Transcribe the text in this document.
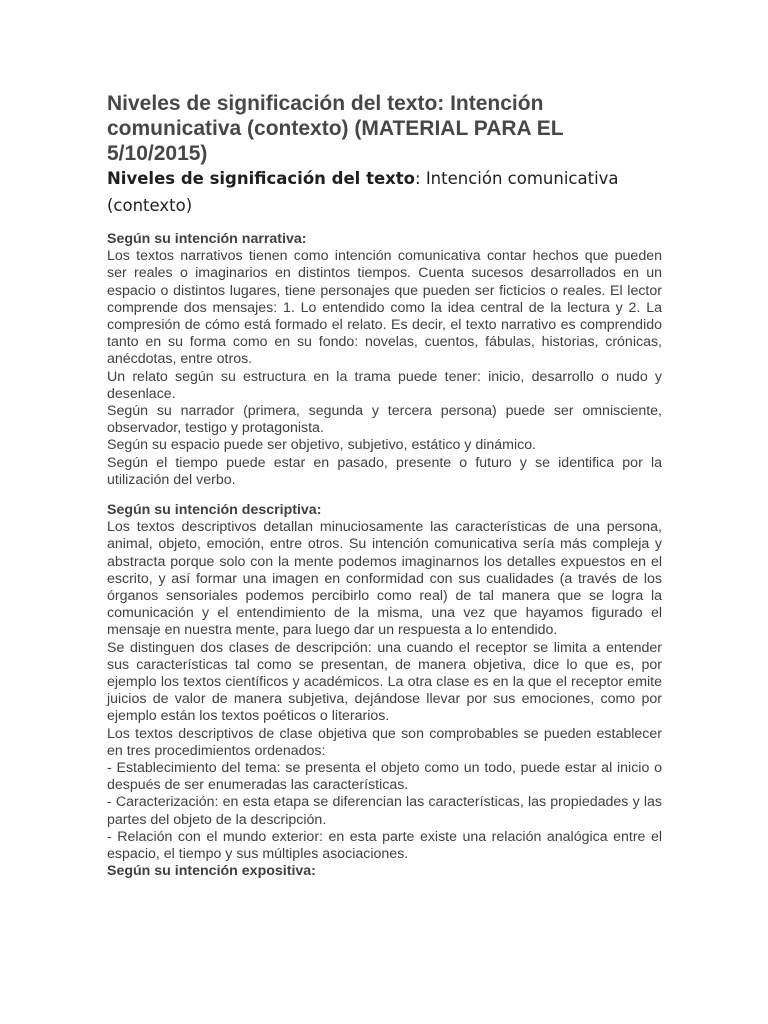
Niveles de significación del texto: Intención comunicativa (contexto) (MATERIAL PARA EL 5/10/2015)
Niveles de significación del texto: Intención comunicativa (contexto)

Según su intención narrativa:

Los textos narrativos tienen como intención comunicativa contar hechos que pueden ser reales o imaginarios en distintos tiempos. Cuenta sucesos desarrollados en un espacio o distintos lugares, tiene personajes que pueden ser ficticios o reales. El lector comprende dos mensajes: 1. Lo entendido como la idea central de la lectura y 2. La compresión de cómo está formado el relato. Es decir, el texto narrativo es comprendido tanto en su forma como en su fondo: novelas, cuentos, fábulas, historias, crónicas, anécdotas, entre otros.

Un relato según su estructura en la trama puede tener: inicio, desarrollo o nudo y desenlace.

Según su narrador (primera, segunda y tercera persona) puede ser omnisciente, observador, testigo y protagonista.

Según su espacio puede ser objetivo, subjetivo, estático y dinámico.

Según el tiempo puede estar en pasado, presente o futuro y se identifica por la utilización del verbo.

Según su intención descriptiva:

Los textos descriptivos detallan minuciosamente las características de una persona, animal, objeto, emoción, entre otros. Su intención comunicativa sería más compleja y abstracta porque solo con la mente podemos imaginarnos los detalles expuestos en el escrito, y así formar una imagen en conformidad con sus cualidades (a través de los órganos sensoriales podemos percibirlo como real) de tal manera que se logra la comunicación y el entendimiento de la misma, una vez que hayamos figurado el mensaje en nuestra mente, para luego dar un respuesta a lo entendido.

Se distinguen dos clases de descripción: una cuando el receptor se limita a entender sus características tal como se presentan, de manera objetiva, dice lo que es, por ejemplo los textos científicos y académicos. La otra clase es en la que el receptor emite juicios de valor de manera subjetiva, dejándose llevar por sus emociones, como por ejemplo están los textos poéticos o literarios.

Los textos descriptivos de clase objetiva que son comprobables se pueden establecer en tres procedimientos ordenados:

- Establecimiento del tema: se presenta el objeto como un todo, puede estar al inicio o después de ser enumeradas las características.

- Caracterización: en esta etapa se diferencian las características, las propiedades y las partes del objeto de la descripción.

- Relación con el mundo exterior: en esta parte existe una relación analógica entre el espacio, el tiempo y sus múltiples asociaciones.

Según su intención expositiva:
